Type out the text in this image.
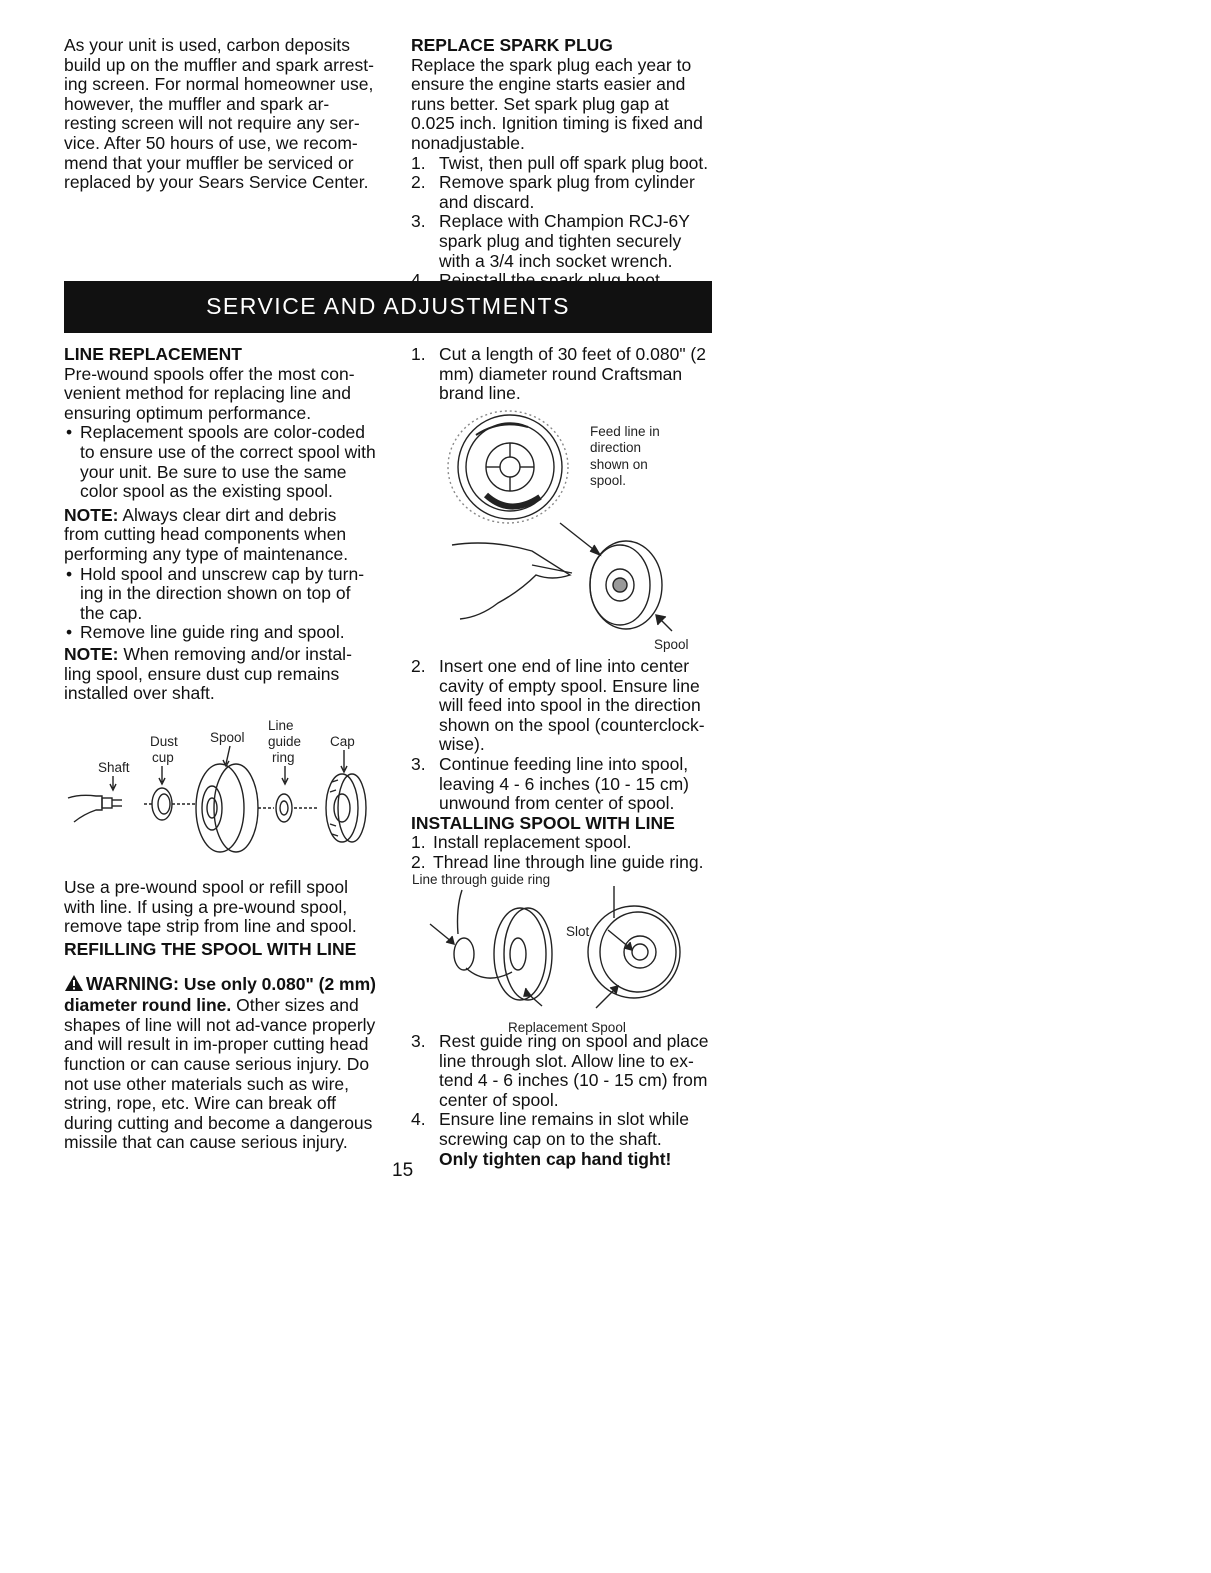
As your unit is used, carbon deposits build up on the muffler and spark arrest-ing screen. For normal homeowner use, however, the muffler and spark ar-resting screen will not require any ser-vice. After 50 hours of use, we recom-mend that your muffler be serviced or replaced by your Sears Service Center.

REPLACE SPARK PLUG

Replace the spark plug each year to ensure the engine starts easier and runs better. Set spark plug gap at 0.025 inch. Ignition timing is fixed and nonadjustable.

1. Twist, then pull off spark plug boot.
2. Remove spark plug from cylinder and discard.
3. Replace with Champion RCJ-6Y spark plug and tighten securely with a 3/4 inch socket wrench.
SERVICE AND ADJUSTMENTS

LINE REPLACEMENT

Pre-wound spools offer the most con-venient method for replacing line and ensuring optimum performance.

• Replacement spools are color-coded to ensure use of the correct spool with your unit. Be sure to use the same color spool as the existing spool.

NOTE: Always clear dirt and debris from cutting head components when performing any type of maintenance.

• Hold spool and unscrew cap by turn-ing in the direction shown on top of the cap.
• Remove line guide ring and spool.

NOTE: When removing and/or instal-ling spool, ensure dust cup remains installed over shaft.

Shaft
Dust
cup
Spool
Line
guide
ring
Cap

Use a pre-wound spool or refill spool with line. If using a pre-wound spool, remove tape strip from line and spool.

REFILLING THE SPOOL WITH LINE

WARNING: Use only 0.080" (2 mm) diameter round line. Other sizes and shapes of line will not ad-vance properly and will result in im-proper cutting head function or can cause serious injury. Do not use other materials such as wire, string, rope, etc. Wire can break off during cutting and become a dangerous missile that can cause serious injury.

1. Cut a length of 30 feet of 0.080" (2 mm) diameter round Craftsman brand line.
Feed line in
direction
shown on
spool.
Spool
2. Insert one end of line into center cavity of empty spool. Ensure line will feed into spool in the direction shown on the spool (counterclock-wise).
3. Continue feeding line into spool, leaving 4 - 6 inches (10 - 15 cm) unwound from center of spool.

INSTALLING SPOOL WITH LINE

1. Install replacement spool.
2. Thread line through line guide ring.
Line through guide ring
Slot
Replacement Spool
3. Rest guide ring on spool and place line through slot. Allow line to ex-tend 4 - 6 inches (10 - 15 cm) from center of spool.
4. Ensure line remains in slot while screwing cap on to the shaft.

Only tighten cap hand tight!

15
